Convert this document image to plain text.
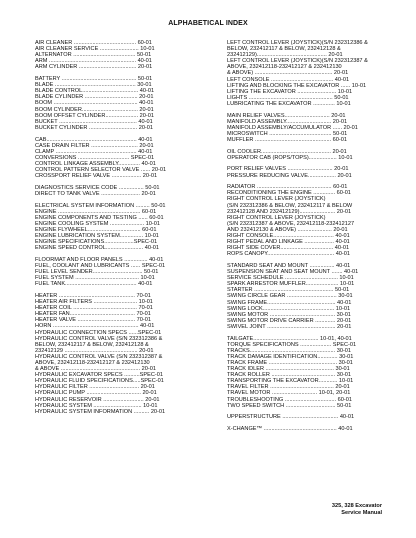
ALPHABETICAL INDEX
AIR CLEANER ........................................ 60-01
AIR CLEANER SERVICE ......................... 10-01
ALTERNATOR ........................................ 50-01
ARM ........................................................ 40-01
ARM CYLINDER ..................................... 20-01
BATTERY ................................................ 50-01
BLADE .................................................... 30-01
BLADE CONTROL.................................... 40-01
BLADE CYLINDER .................................. 20-01
BOOM ...................................................... 40-01
BOOM CYLINDER.................................... 20-01
BOOM OFFSET CYLINDER..................... 20-01
BUCKET .................................................. 40-01
BUCKET CYLINDER ............................... 20-01
CAB.......................................................... 40-01
CASE DRAIN FILTER .............................. 20-01
CLAMP .................................................... 40-01
CONVERSIONS ................................. SPEC-01
CONTROL LINKAGE ASSEMBLY.............. 40-01
CONTROL PATTERN SELECTOR VALVE ...... 20-01
CROSSPORT RELIEF VALVE ................... 20-01
DIAGNOSTICS SERVICE CODE ................ 50-01
DIRECT TO TANK VALVE ......................... 20-01
ELECTRICAL SYSTEM INFORMATION ......... 50-01
ENGINE ..................................................... 60-01
ENGINE COMPONENTS AND TESTING ...... 60-01
ENGINE COOLING SYSTEM ...................... 10-01
ENGINE FLYWHEEL.................................. 60-01
ENGINE LUBRICATION SYSTEM............... 10-01
ENGINE SPECIFICATIONS...................SPEC-01
ENGINE SPEED CONTROL........................ 40-01
FLOORMAT AND FLOOR PANELS ............... 40-01
FUEL, COOLANT AND LUBRICANTS ...... SPEC-01
FUEL LEVEL SENDER................................ 50-01
FUEL SYSTEM ......................................... 10-01
FUEL TANK.............................................. 40-01
HEATER ................................................. 70-01
HEATER AIR FILTERS ............................ 10-01
HEATER COIL ......................................... 70-01
HEATER FAN.......................................... 70-01
HEATER VALVE ..................................... 70-01
HORN ....................................................... 40-01
HYDRAULIC CONNECTION SPECS ......SPEC-01
HYDRAULIC CONTROL VALVE (S/N 232312386 &
BELOW, 232412117 & BELOW, 232412128 &
232412129 ............................................... 20-01
HYDRAULIC CONTROL VALVE (S/N 232312387 &
ABOVE, 232412118-232412127 & 232412130
& ABOVE ................................................... 20-01
HYDRAULIC EXCAVATOR SPECS ..........SPEC-01
HYDRAULIC FLUID SPECIFICATIONS.....SPEC-01
HYDRAULIC FILTER ................................ 20-01
HYDRAULIC PUMP ................................... 20-01
HYDRAULIC RESERVOIR .......................... 20-01
HYDRAULIC SYSTEM ............................... 10-01
HYDRAULIC SYSTEM INFORMATION .......... 20-01
LEFT CONTROL LEVER (JOYSTICK)(S/N 232312386 &
BELOW, 232412117 & BELOW, 232412128 &
232412129)............................................. 20-01
LEFT CONTROL LEVER (JOYSTICK)(S/N 232312387 &
ABOVE, 232412118-232412127 & 232412130
& ABOVE) .................................................. 20-01
LEFT CONSOLE ........................................ 40-01
LIFTING AND BLOCKING THE EXCAVATOR ...... 10-01
LIFTING THE EXCAVATOR ......................... 10-01
LIGHTS ...................................................... 50-01
LUBRICATING THE EXCAVATOR .............. 10-01
MAIN RELIEF VALVES............................. 20-01
MANIFOLD ASSEMBLY............................. 20-01
MANIFOLD ASSEMBLY/ACCUMULATOR ...... 20-01
MICROSWITCH ........................................ 50-01
MUFFLER ................................................. 60-01
OIL COOLER............................................. 20-01
OPERATOR CAB (ROPS/TOPS).................. 10-01
PORT RELIEF VALVES ............................. 20-01
PRESSURE REDUCING VALVE.................. 20-01
RADIATOR ................................................ 60-01
RECONDITIONING THE ENGINE .............. 60-01
RIGHT CONTROL LEVER (JOYSTICK)
(S/N 232312386 & BELOW, 232412117 & BELOW
232412128 AND 232412129)....................... 20-01
RIGHT CONTROL LEVER (JOYSTICK)
(S/N 232312387 & ABOVE, 232412118-232412127
AND 232412130 & ABOVE) ...................... 20-01
RIGHT CONSOLE....................................... 40-01
RIGHT PEDAL AND LINKAGE ................... 40-01
RIGHT SIDE COVER.................................. 40-01
ROPS CANOPY........................................... 40-01
STANDARD SEAT AND MOUNT ................ 40-01
SUSPENSION SEAT AND SEAT MOUNT ....... 40-01
SERVICE SCHEDULE .................................. 10-01
SPARK ARRESTOR MUFFLER..................... 10-01
STARTER ................................................... 50-01
SWING CIRCLE GEAR ................................ 30-01
SWING FRAME............................................ 40-01
SWING LOCK.............................................. 10-01
SWING MOTOR .......................................... 30-01
SWING MOTOR DRIVE CARRIER ............. 20-01
SWIVEL JOINT ............................................ 20-01
TAILGATE.......................................... 10-01, 40-01
TORQUE SPECIFICATIONS .................... SPEC-01
TRACKS....................................................... 30-01
TRACK DAMAGE IDENTIFICATION............. 30-01
TRACK FRAME ............................................ 30-01
TRACK IDLER ............................................ 30-01
TRACK ROLLER ......................................... 30-01
TRANSPORTING THE EXCAVATOR............ 10-01
TRAVEL FILTER ......................................... 20-01
TRAVEL MOTOR ............................. 10-01, 20-01
TROUBLESHOOTING ................................. 60-01
TWO SPEED SWITCH ................................ 50-01
UPPERSTRUCTURE .................................... 40-01
X-CHANGE™ ............................................... 40-01
325, 328 Excavator
Service Manual
